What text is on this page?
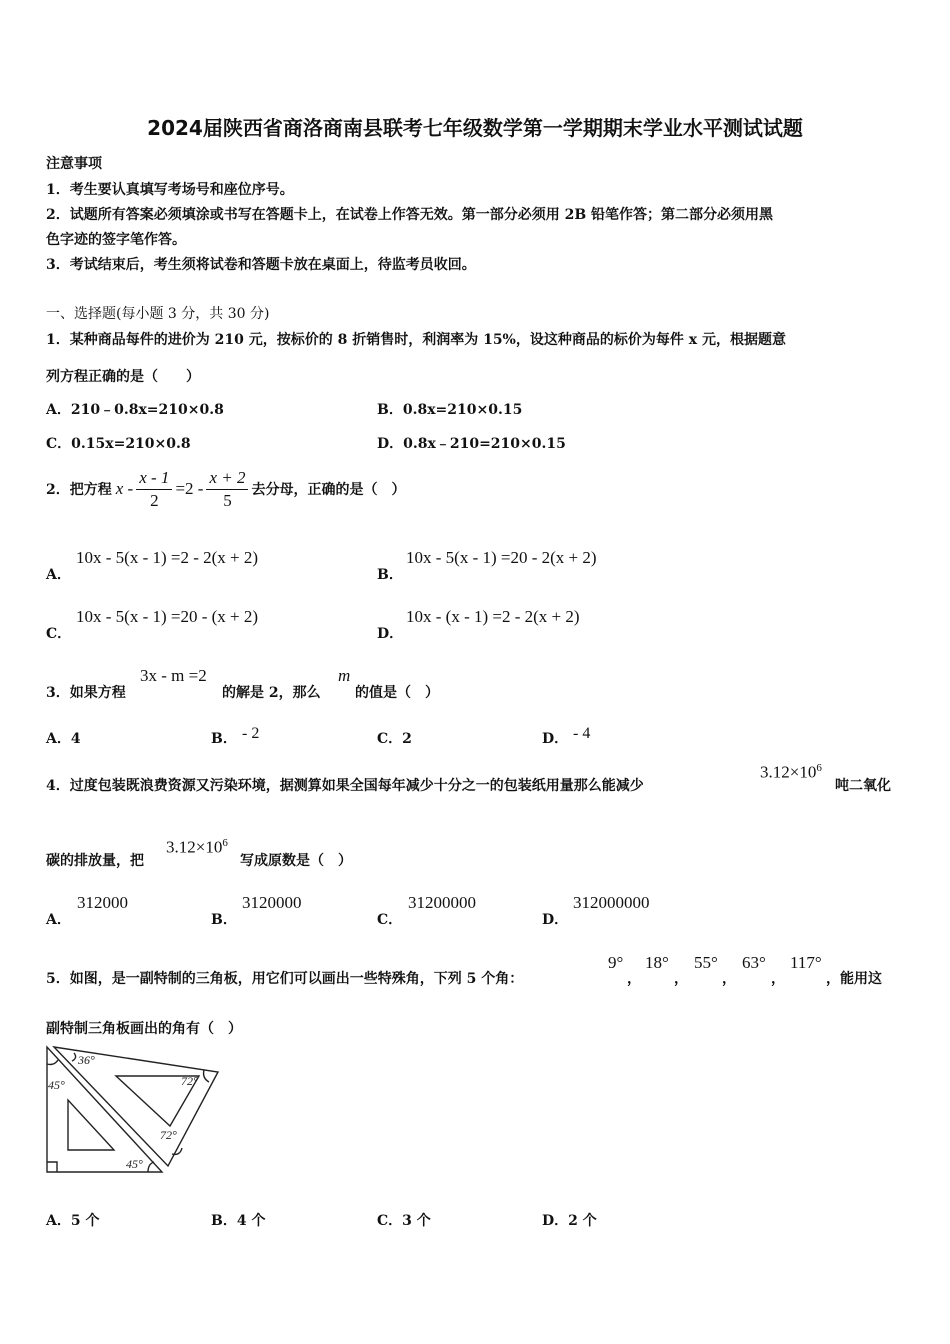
2024届陕西省商洛商南县联考七年级数学第一学期期末学业水平测试试题
注意事项
1．考生要认真填写考场号和座位序号。
2．试题所有答案必须填涂或书写在答题卡上，在试卷上作答无效。第一部分必须用 2B 铅笔作答；第二部分必须用黑
色字迹的签字笔作答。
3．考试结束后，考生须将试卷和答题卡放在桌面上，待监考员收回。
一、选择题(每小题 3 分，共 30 分)
1．某种商品每件的进价为 210 元，按标价的 8 折销售时，利润率为 15%，设这种商品的标价为每件 x 元，根据题意
列方程正确的是（　　）
A．210﹣0.8x=210×0.8	B．0.8x=210×0.15
C．0.15x=210×0.8	D．0.8x﹣210=210×0.15
2．把方程 $x - \frac{x - 1}{2} =2 - \frac{x + 2}{5}$ 去分母，正确的是（　）
A．
10x - 5(x - 1) =2 - 2(x + 2)
B．
10x - 5(x - 1) =20 - 2(x + 2)
C．
10x - 5(x - 1) =20 - (x + 2)
D．
10x - (x - 1) =2 - 2(x + 2)
3．如果方程
3x - m =2
的解是 2，那么
m
的值是（　）
A．4	B． - 2	C．2	D． - 4
4．过度包装既浪费资源又污染环境，据测算如果全国每年减少十分之一的包装纸用量那么能减少
$3.12\times 10^6$
吨二氧化
碳的排放量，把
$3.12\times 10^6$
写成原数是（　）
A．
312000
B．
3120000
C．
31200000
D．
312000000
5．如图，是一副特制的三角板，用它们可以画出一些特殊角，下列 5 个角：
9°
，
18°
，
55°
，
63°
，
117°
，能用这
副特制三角板画出的角有（　）
36°
45°	72°
72°
45°
A．5 个	B．4 个	C．3 个	D．2 个
